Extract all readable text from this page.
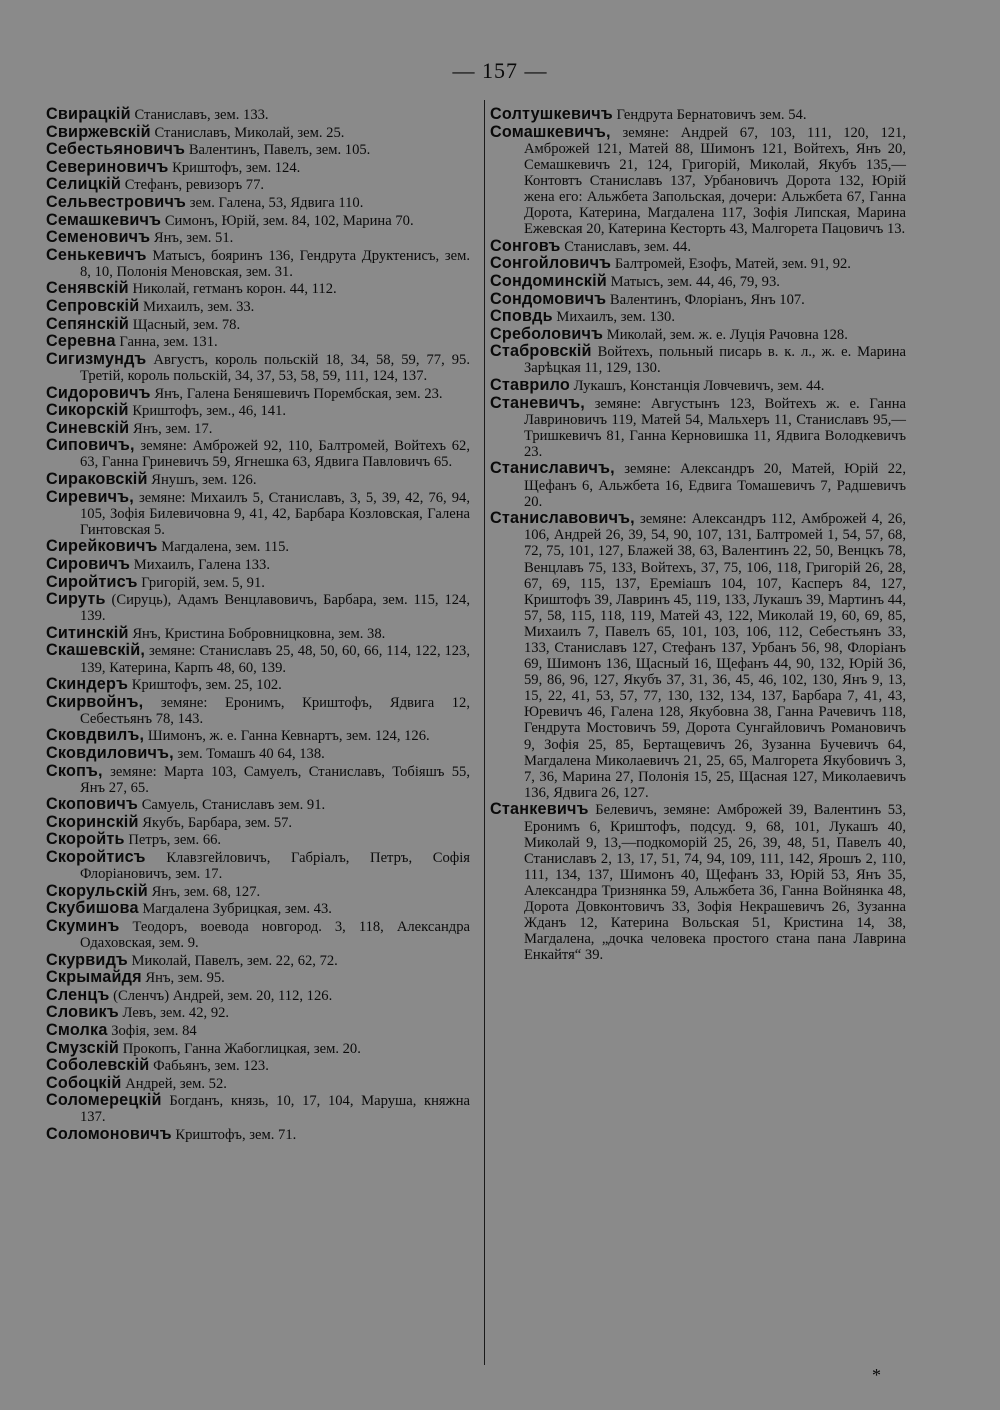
— 157 —
Свирацкій Станиславъ, зем. 133.
Свиржевскій Станиславъ, Миколай, зем. 25.
Себестьяновичъ Валентинъ, Павелъ, зем. 105.
Севериновичъ Криштофъ, зем. 124.
Селицкій Стефанъ, ревизоръ 77.
Сельвестровичъ зем. Галена, 53, Ядвига 110.
Семашкевичъ Симонъ, Юрій, зем. 84, 102, Марина 70.
Семеновичъ Янъ, зем. 51.
Сенькевичъ Матысъ, бояринъ 136, Гендрута Друктенисъ, зем. 8, 10, Полонія Меновская, зем. 31.
Сенявскій Николай, гетманъ корон. 44, 112.
Сепровскій Михаилъ, зем. 33.
Сепянскій Щасный, зем. 78.
Серевна Ганна, зем. 131.
Сигизмундъ Августъ, король польскій 18, 34, 58, 59, 77, 95. Третій, король польскій, 34, 37, 53, 58, 59, 111, 124, 137.
Сидоровичъ Янъ, Галена Беняшевичъ Порембская, зем. 23.
Сикорскій Криштофъ, зем., 46, 141.
Синевскій Янъ, зем. 17.
Сиповичъ, земяне: Амброжей 92, 110, Балтромей, Войтехъ 62, 63, Ганна Гриневичъ 59, Ягнешка 63, Ядвига Павловичъ 65.
Сираковскій Янушъ, зем. 126.
Сиревичъ, земяне: Михаилъ 5, Станиславъ, 3, 5, 39, 42, 76, 94, 105, Зофія Билевичовна 9, 41, 42, Барбара Козловская, Галена Гинтовская 5.
Сирейковичъ Магдалена, зем. 115.
Сировичъ Михаилъ, Галена 133.
Сиройтисъ Григорій, зем. 5, 91.
Сируть (Сируць), Адамъ Венцлавовичъ, Барбара, зем. 115, 124, 139.
Ситинскій Янъ, Кристина Бобровницковна, зем. 38.
Скашевскій, земяне: Станиславъ 25, 48, 50, 60, 66, 114, 122, 123, 139, Катерина, Карпъ 48, 60, 139.
Скиндеръ Криштофъ, зем. 25, 102.
Скирвойнъ, земяне: Еронимъ, Криштофъ, Ядвига 12, Себестьянъ 78, 143.
Сковдвилъ, Шимонъ, ж. е. Ганна Кевнартъ, зем. 124, 126.
Сковдиловичъ, зем. Томашъ 40 64, 138.
Скопъ, земяне: Марта 103, Самуелъ, Станиславъ, Тобіяшъ 55, Янъ 27, 65.
Скоповичъ Самуель, Станиславъ зем. 91.
Скоринскій Якубъ, Барбара, зем. 57.
Скоройть Петръ, зем. 66.
Скоройтисъ Клавзгейловичъ, Габріалъ, Петръ, Софія Флоріановичъ, зем. 17.
Скорульскій Янъ, зем. 68, 127.
Скубишова Магдалена Зубрицкая, зем. 43.
Скуминъ Теодоръ, воевода новгород. 3, 118, Александра Одаховская, зем. 9.
Скурвидъ Миколай, Павелъ, зем. 22, 62, 72.
Скрымайдя Янъ, зем. 95.
Сленцъ (Сленчъ) Андрей, зем. 20, 112, 126.
Словикъ Левъ, зем. 42, 92.
Смолка Зофія, зем. 84
Смузскій Прокопъ, Ганна Жабоглицкая, зем. 20.
Соболевскій Фабьянъ, зем. 123.
Собоцкій Андрей, зем. 52.
Соломерецкій Богданъ, князь, 10, 17, 104, Маруша, княжна 137.
Соломоновичъ Криштофъ, зем. 71.
Солтушкевичъ Гендрута Бернатовичъ зем. 54.
Сомашкевичъ, земяне: Андрей 67, 103, 111, 120, 121, Амброжей 121, Матей 88, Шимонъ 121, Войтехъ, Янъ 20, Семашкевичъ 21, 124, Григорій, Миколай, Якубъ 135,—Контовтъ Станиславъ 137, Урбановичъ Дорота 132, Юрій жена его: Альжбета Запольская, дочери: Альжбета 67, Ганна Дорота, Катерина, Магдалена 117, Зофія Липская, Марина Ежевская 20, Катерина Кесторть 43, Малгорета Пацовичъ 13.
Сонговъ Станиславъ, зем. 44.
Сонгойловичъ Балтромей, Езофъ, Матей, зем. 91, 92.
Сондоминскій Матысъ, зем. 44, 46, 79, 93.
Сондомовичъ Валентинъ, Флоріанъ, Янъ 107.
Сповдь Михаилъ, зем. 130.
Среболовичъ Миколай, зем. ж. е. Луція Рачовна 128.
Стабровскій Войтехъ, польный писарь в. к. л., ж. е. Марина Зарѣцкая 11, 129, 130.
Ставрило Лукашъ, Констанція Ловчевичъ, зем. 44.
Станевичъ, земяне: Августынъ 123, Войтехъ ж. е. Ганна Лавриновичъ 119, Матей 54, Мальхеръ 11, Станиславъ 95,—Тришкевичъ 81, Ганна Керновишка 11, Ядвига Володкевичъ 23.
Станиславичъ, земяне: Александръ 20, Матей, Юрій 22, Щефанъ 6, Альжбета 16, Едвига Томашевичъ 7, Радшевичъ 20.
Станиславовичъ, земяне: Александръ 112, Амброжей 4, 26, 106, Андрей 26, 39, 54, 90, 107, 131, Балтромей 1, 54, 57, 68, 72, 75, 101, 127, Блажей 38, 63, Валентинъ 22, 50, Венцкъ 78, Венцлавъ 75, 133, Войтехъ, 37, 75, 106, 118, Григорій 26, 28, 67, 69, 115, 137, Ереміашъ 104, 107, Касперъ 84, 127, Криштофъ 39, Лавринъ 45, 119, 133, Лукашъ 39, Мартинъ 44, 57, 58, 115, 118, 119, Матей 43, 122, Миколай 19, 60, 69, 85, Михаилъ 7, Павелъ 65, 101, 103, 106, 112, Себестьянъ 33, 133, Станиславъ 127, Стефанъ 137, Урбанъ 56, 98, Флоріанъ 69, Шимонъ 136, Щасный 16, Щефанъ 44, 90, 132, Юрій 36, 59, 86, 96, 127, Якубъ 37, 31, 36, 45, 46, 102, 130, Янъ 9, 13, 15, 22, 41, 53, 57, 77, 130, 132, 134, 137, Барбара 7, 41, 43, Юревичъ 46, Галена 128, Якубовна 38, Ганна Рачевичъ 118, Гендрута Мостовичъ 59, Дорота Сунгайловичъ Романовичъ 9, Зофія 25, 85, Бертащевичъ 26, Зузанна Бучевичъ 64, Магдалена Миколаевичъ 21, 25, 65, Малгорета Якубовичъ 3, 7, 36, Марина 27, Полонія 15, 25, Щасная 127, Миколаевичъ 136, Ядвига 26, 127.
Станкевичъ Белевичъ, земяне: Амброжей 39, Валентинъ 53, Еронимъ 6, Криштофъ, подсуд. 9, 68, 101, Лукашъ 40, Миколай 9, 13,—подкоморій 25, 26, 39, 48, 51, Павелъ 40, Станиславъ 2, 13, 17, 51, 74, 94, 109, 111, 142, Ярошъ 2, 110, 111, 134, 137, Шимонъ 40, Щефанъ 33, Юрій 53, Янъ 35, Александра Тризнянка 59, Альжбета 36, Ганна Войнянка 48, Дорота Довконтовичъ 33, Зофія Некрашевичъ 26, Зузанна Жданъ 12, Катерина Вольская 51, Кристина 14, 38, Магдалена, „дочка человека простого стана пана Лаврина Енкайтя“ 39.
*
